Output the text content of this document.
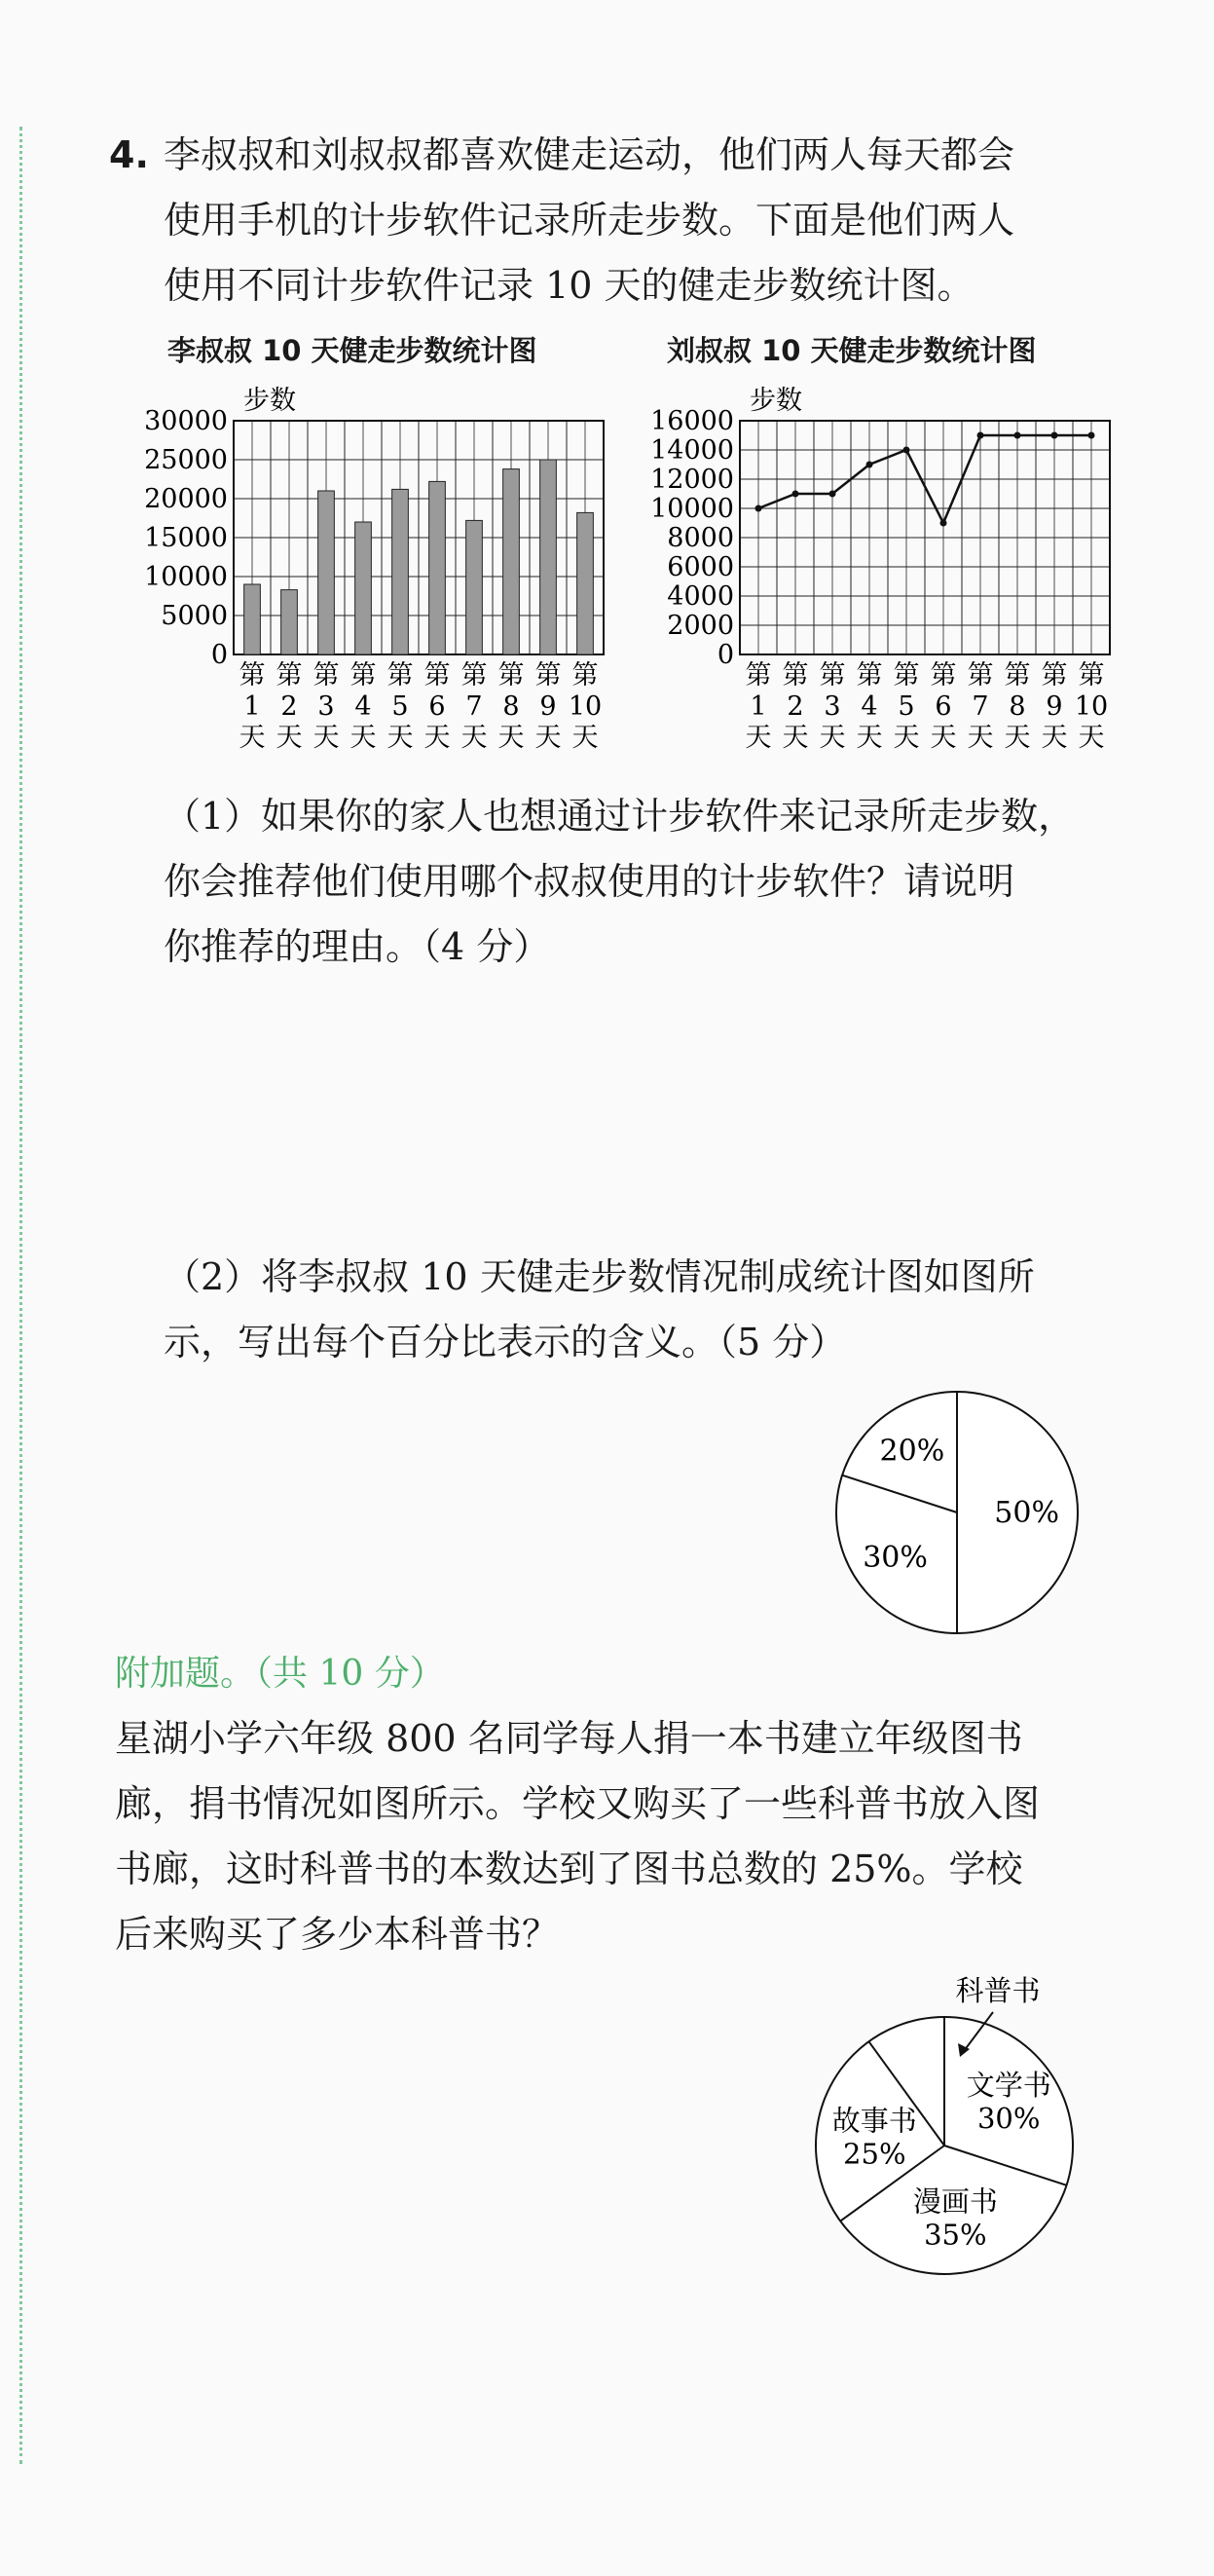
4. 李叔叔和刘叔叔都喜欢健走运动，他们两人每天都会
使用手机的计步软件记录所走步数。下面是他们两人
使用不同计步软件记录 10 天的健走步数统计图。
李叔叔 10 天健走步数统计图	刘叔叔 10 天健走步数统计图
步数
0
5000
10000
15000
20000
25000
30000
第
1
天
第
2
天
第
3
天
第
4
天
第
5
天
第
6
天
第
7
天
第
8
天
第
9
天
第
10
天
步数
0
2000
4000
6000
8000
10000
12000
14000
16000
第
1
天
第
2
天
第
3
天
第
4
天
第
5
天
第
6
天
第
7
天
第
8
天
第
9
天
第
10
天
（1）如果你的家人也想通过计步软件来记录所走步数，
你会推荐他们使用哪个叔叔使用的计步软件？请说明
你推荐的理由。（4 分）
（2）将李叔叔 10 天健走步数情况制成统计图如图所
示，写出每个百分比表示的含义。（5 分）
50%
30%
20%
附加题。（共 10 分）
星湖小学六年级 800 名同学每人捐一本书建立年级图书
廊，捐书情况如图所示。学校又购买了一些科普书放入图
书廊，这时科普书的本数达到了图书总数的 25%。学校
后来购买了多少本科普书？
文学书
30%
漫画书
35%
故事书
25%
科普书
